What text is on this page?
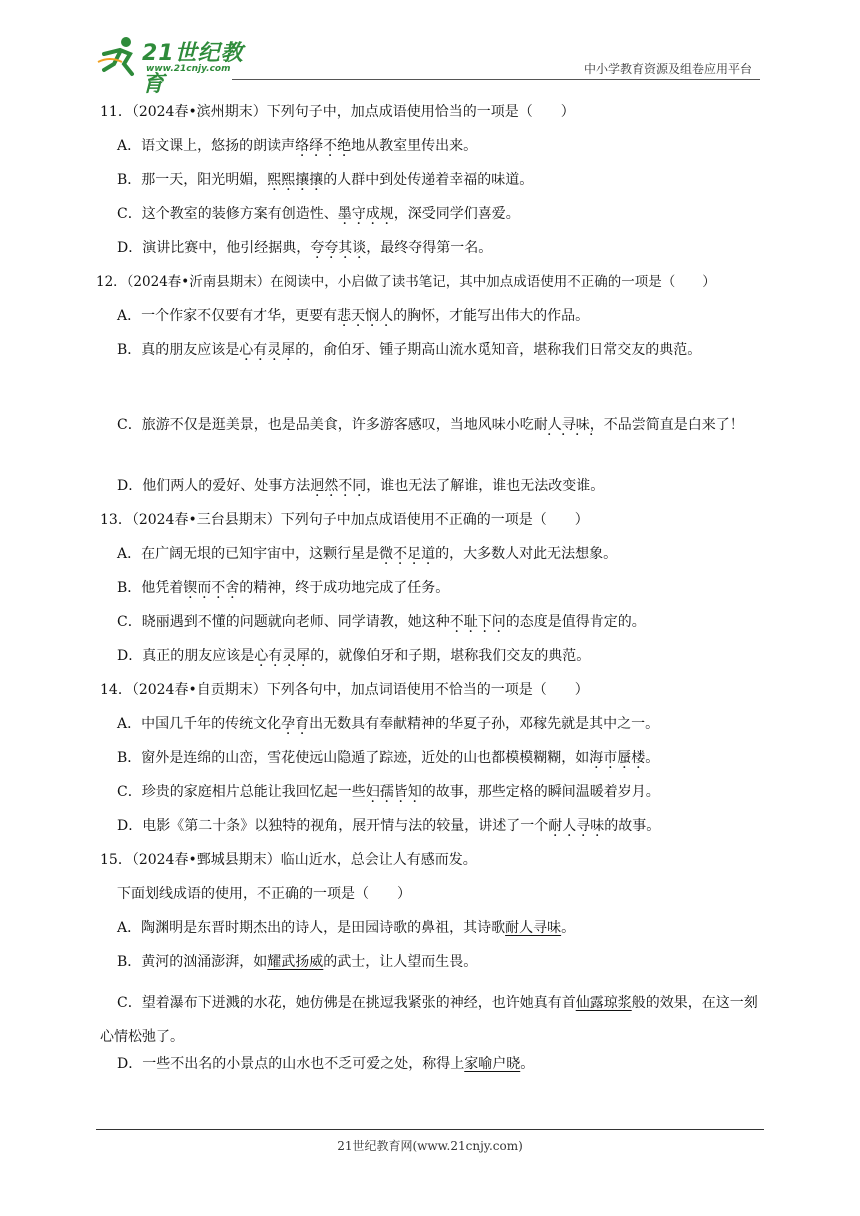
21世纪教育
www.21cnjy.com	中小学教育资源及组卷应用平台
11．（2024春•滨州期末）下列句子中，加点成语使用恰当的一项是（　　）
A．语文课上，悠扬的朗读声络绎不绝地从教室里传出来。
B．那一天，阳光明媚，熙熙攘攘的人群中到处传递着幸福的味道。
C．这个教室的装修方案有创造性、墨守成规，深受同学们喜爱。
D．演讲比赛中，他引经据典，夸夸其谈，最终夺得第一名。
12．（2024春•沂南县期末）在阅读中，小启做了读书笔记，其中加点成语使用不正确的一项是（　　）
A．一个作家不仅要有才华，更要有悲天悯人的胸怀，才能写出伟大的作品。
B．真的朋友应该是心有灵犀的，俞伯牙、锺子期高山流水觅知音，堪称我们日常交友的典范。
C．旅游不仅是逛美景，也是品美食，许多游客感叹，当地风味小吃耐人寻味，不品尝简直是白来了！
D．他们两人的爱好、处事方法迥然不同，谁也无法了解谁，谁也无法改变谁。
13．（2024春•三台县期末）下列句子中加点成语使用不正确的一项是（　　）
A．在广阔无垠的已知宇宙中，这颗行星是微不足道的，大多数人对此无法想象。
B．他凭着锲而不舍的精神，终于成功地完成了任务。
C．晓丽遇到不懂的问题就向老师、同学请教，她这种不耻下问的态度是值得肯定的。
D．真正的朋友应该是心有灵犀的，就像伯牙和子期，堪称我们交友的典范。
14．（2024春•自贡期末）下列各句中，加点词语使用不恰当的一项是（　　）
A．中国几千年的传统文化孕育出无数具有奉献精神的华夏子孙，邓稼先就是其中之一。
B．窗外是连绵的山峦，雪花使远山隐遁了踪迹，近处的山也都模模糊糊，如海市蜃楼。
C．珍贵的家庭相片总能让我回忆起一些妇孺皆知的故事，那些定格的瞬间温暖着岁月。
D．电影《第二十条》以独特的视角，展开情与法的较量，讲述了一个耐人寻味的故事。
15．（2024春•鄄城县期末）临山近水，总会让人有感而发。
下面划线成语的使用，不正确的一项是（　　）
A．陶渊明是东晋时期杰出的诗人，是田园诗歌的鼻祖，其诗歌耐人寻味。
B．黄河的汹涌澎湃，如耀武扬威的武士，让人望而生畏。
C．望着瀑布下迸溅的水花，她仿佛是在挑逗我紧张的神经，也许她真有首仙露琼浆般的效果，在这一刻心情松弛了。
D．一些不出名的小景点的山水也不乏可爱之处，称得上家喻户晓。
21世纪教育网(www.21cnjy.com)
